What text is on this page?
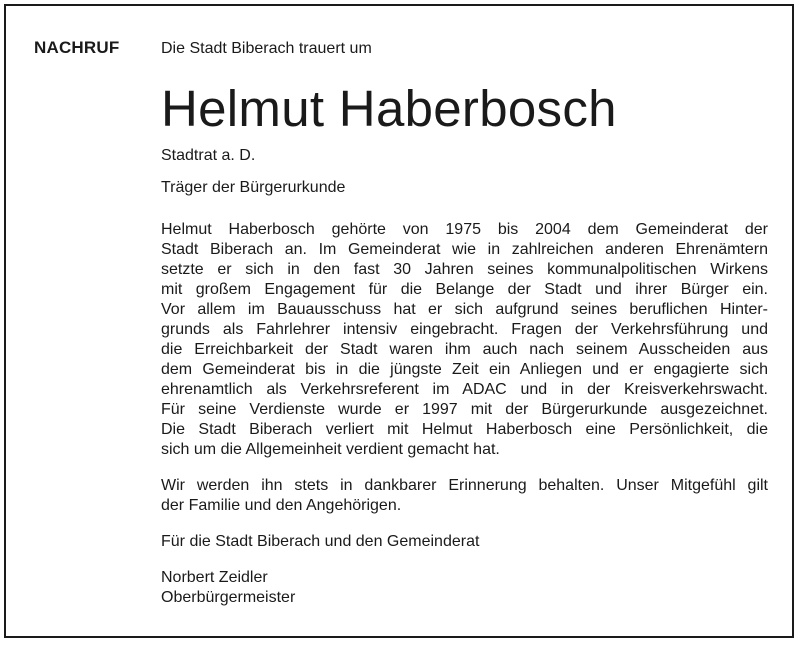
NACHRUF	Die Stadt Biberach trauert um
Helmut Haberbosch

Stadtrat a. D.

Träger der Bürgerurkunde

Helmut Haberbosch gehörte von 1975 bis 2004 dem Gemeinderat der
Stadt Biberach an. Im Gemeinderat wie in zahlreichen anderen Ehrenämtern
setzte er sich in den fast 30 Jahren seines kommunalpolitischen Wirkens
mit großem Engagement für die Belange der Stadt und ihrer Bürger ein.
Vor allem im Bauausschuss hat er sich aufgrund seines beruflichen Hinter-
grunds als Fahrlehrer intensiv eingebracht. Fragen der Verkehrsführung und
die Erreichbarkeit der Stadt waren ihm auch nach seinem Ausscheiden aus
dem Gemeinderat bis in die jüngste Zeit ein Anliegen und er engagierte sich
ehrenamtlich als Verkehrsreferent im ADAC und in der Kreisverkehrswacht.
Für seine Verdienste wurde er 1997 mit der Bürgerurkunde ausgezeichnet.
Die Stadt Biberach verliert mit Helmut Haberbosch eine Persönlichkeit, die
sich um die Allgemeinheit verdient gemacht hat.
Wir werden ihn stets in dankbarer Erinnerung behalten. Unser Mitgefühl gilt
der Familie und den Angehörigen.

Für die Stadt Biberach und den Gemeinderat

Norbert Zeidler

Oberbürgermeister
